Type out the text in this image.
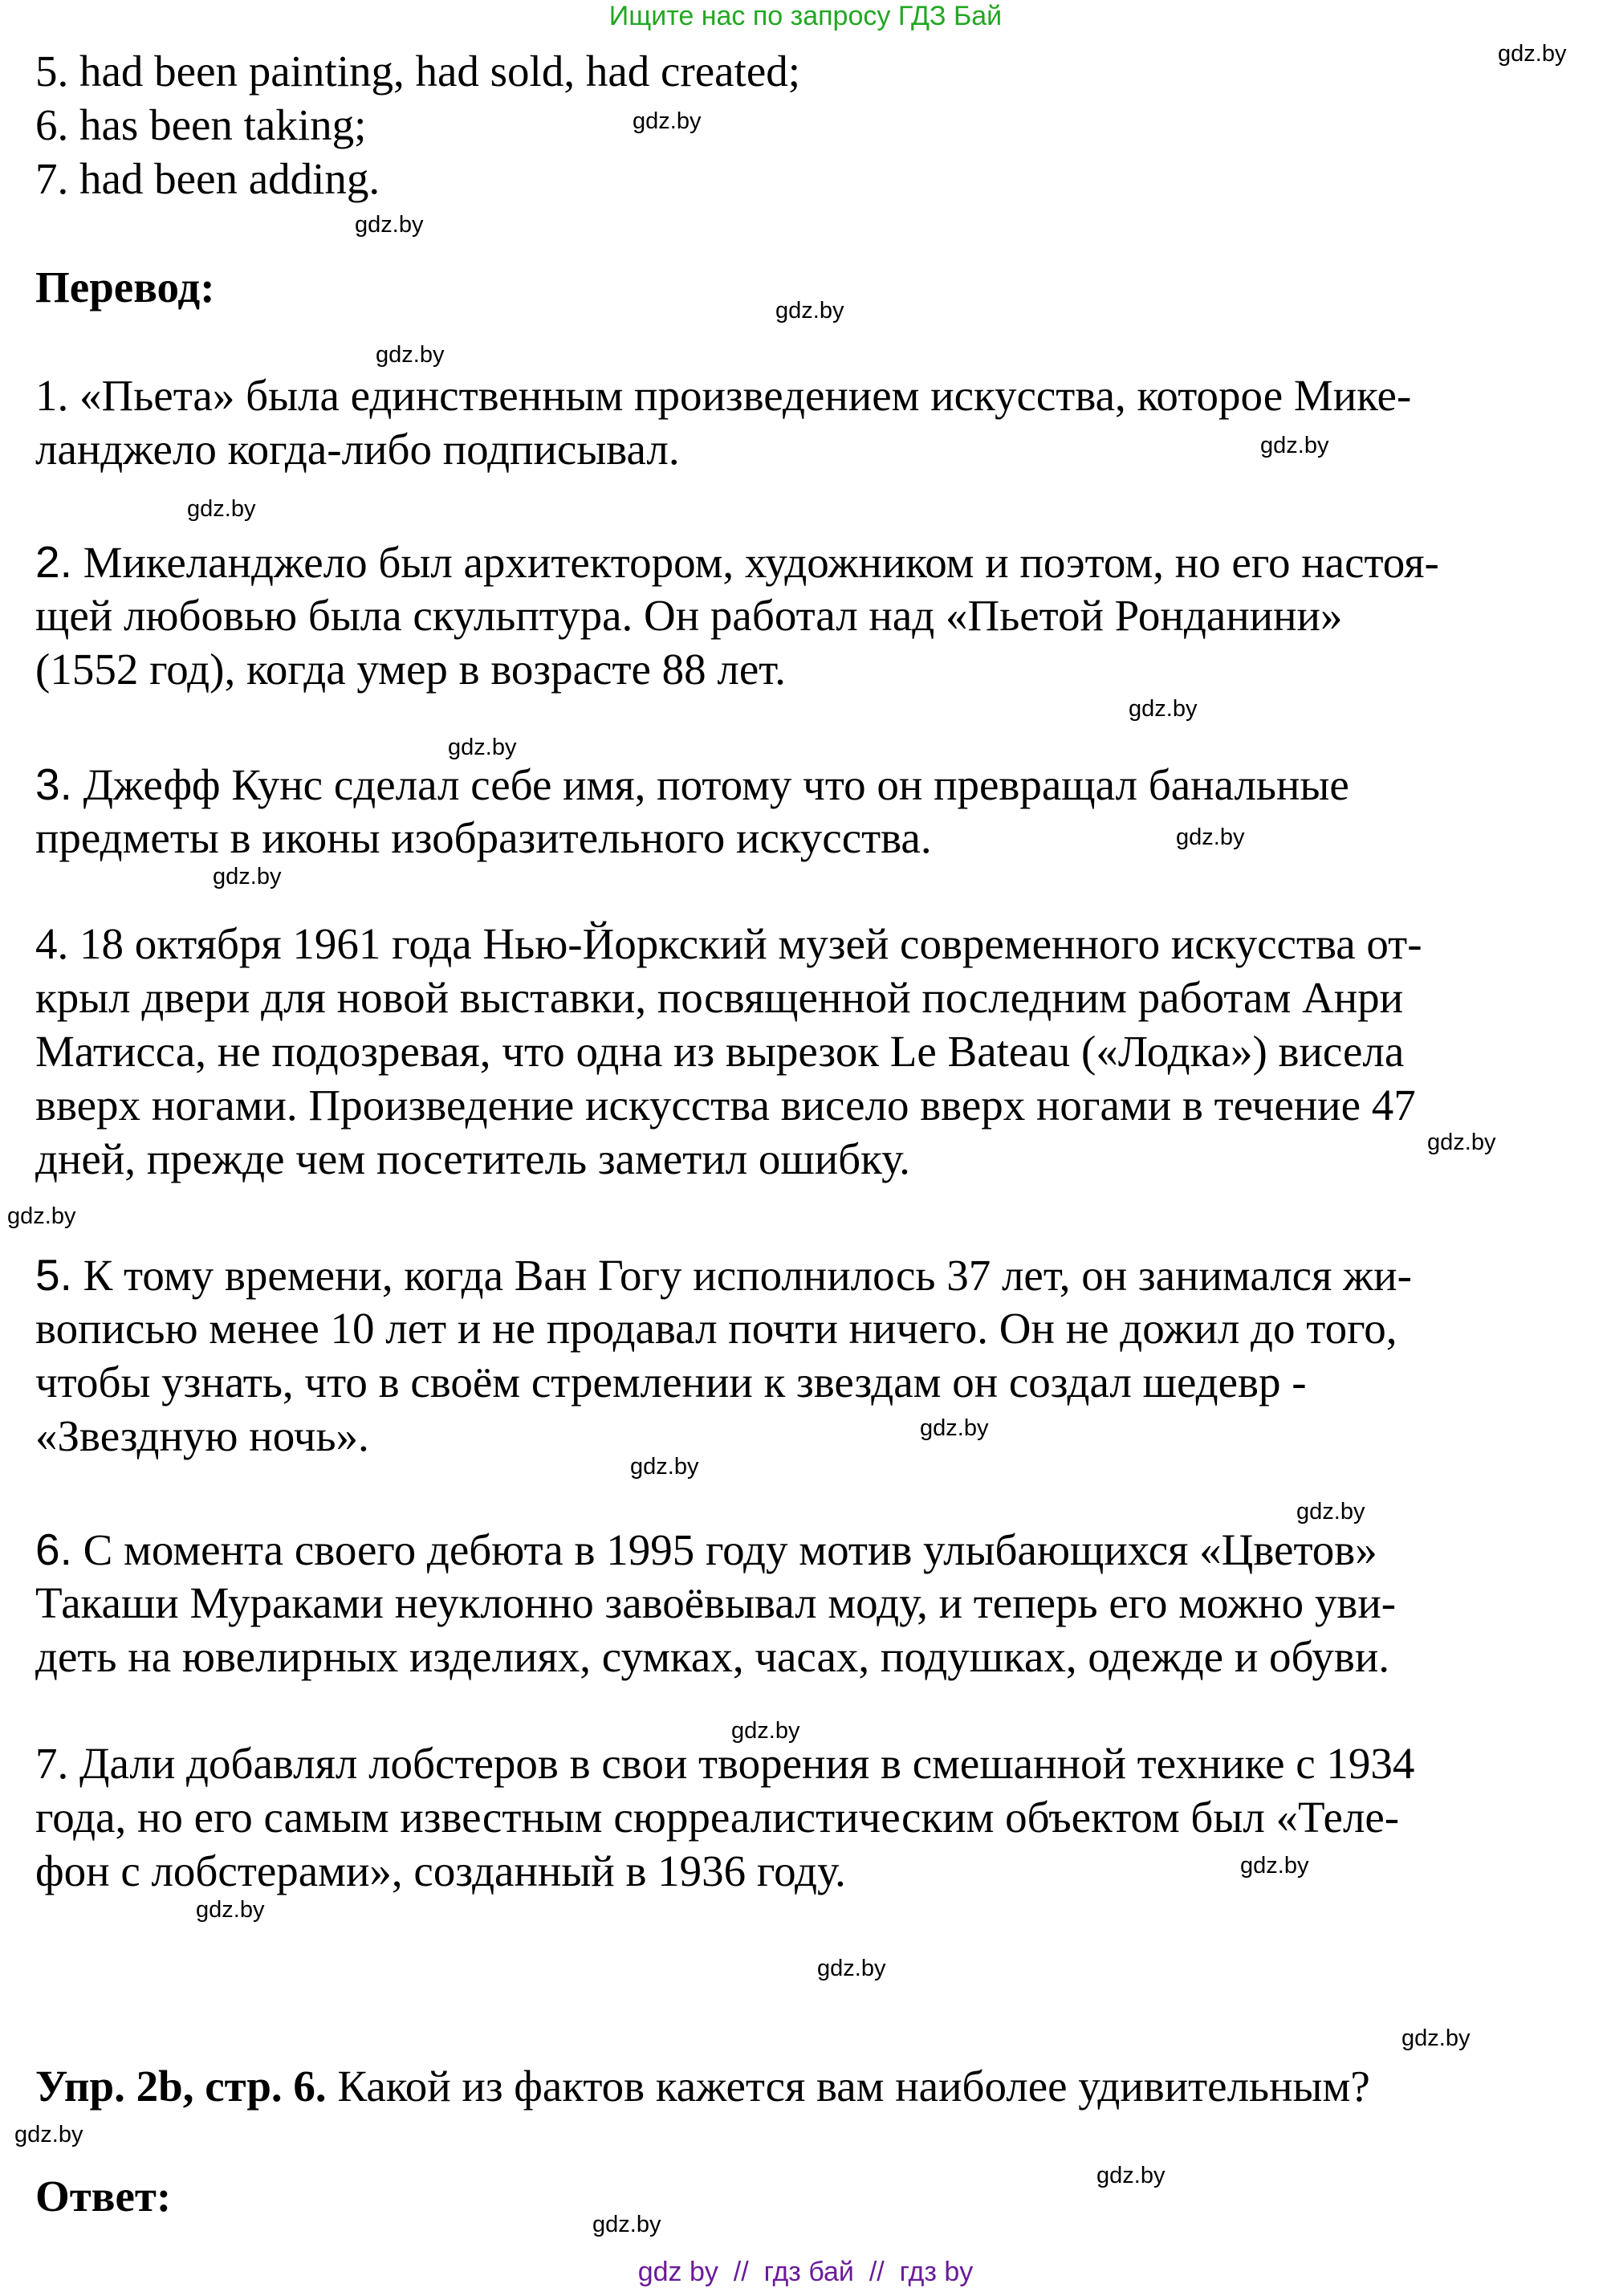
Ищите нас по запросу ГДЗ Бай
5. had been painting, had sold, had created;
6. has been taking;
7. had been adding.
Перевод:
1. «Пьета» была единственным произведением искусства, которое Мике-
ланджело когда-либо подписывал.
2. Микеланджело был архитектором, художником и поэтом, но его настоя-
щей любовью была скульптура. Он работал над «Пьетой Ронданини»
(1552 год), когда умер в возрасте 88 лет.
3. Джефф Кунс сделал себе имя, потому что он превращал банальные
предметы в иконы изобразительного искусства.
4. 18 октября 1961 года Нью-Йоркский музей современного искусства от-
крыл двери для новой выставки, посвященной последним работам Анри
Матисса, не подозревая, что одна из вырезок Le Bateau («Лодка») висела
вверх ногами. Произведение искусства висело вверх ногами в течение 47
дней, прежде чем посетитель заметил ошибку.
5. К тому времени, когда Ван Гогу исполнилось 37 лет, он занимался жи-
вописью менее 10 лет и не продавал почти ничего. Он не дожил до того,
чтобы узнать, что в своём стремлении к звездам он создал шедевр -
«Звездную ночь».
6. С момента своего дебюта в 1995 году мотив улыбающихся «Цветов»
Такаши Мураками неуклонно завоёвывал моду, и теперь его можно уви-
деть на ювелирных изделиях, сумках, часах, подушках, одежде и обуви.
7. Дали добавлял лобстеров в свои творения в смешанной технике с 1934
года, но его самым известным сюрреалистическим объектом был «Теле-
фон с лобстерами», созданный в 1936 году.
Упр. 2b, стр. 6. Какой из фактов кажется вам наиболее удивительным?
Ответ:
gdz.by
gdz.by
gdz.by
gdz.by
gdz.by
gdz.by
gdz.by
gdz.by
gdz.by
gdz.by
gdz.by
gdz.by
gdz.by
gdz.by
gdz.by
gdz.by
gdz.by
gdz.by
gdz.by
gdz.by
gdz.by
gdz.by
gdz.by
gdz.by
gdz by  //  гдз бай  //  гдз by
